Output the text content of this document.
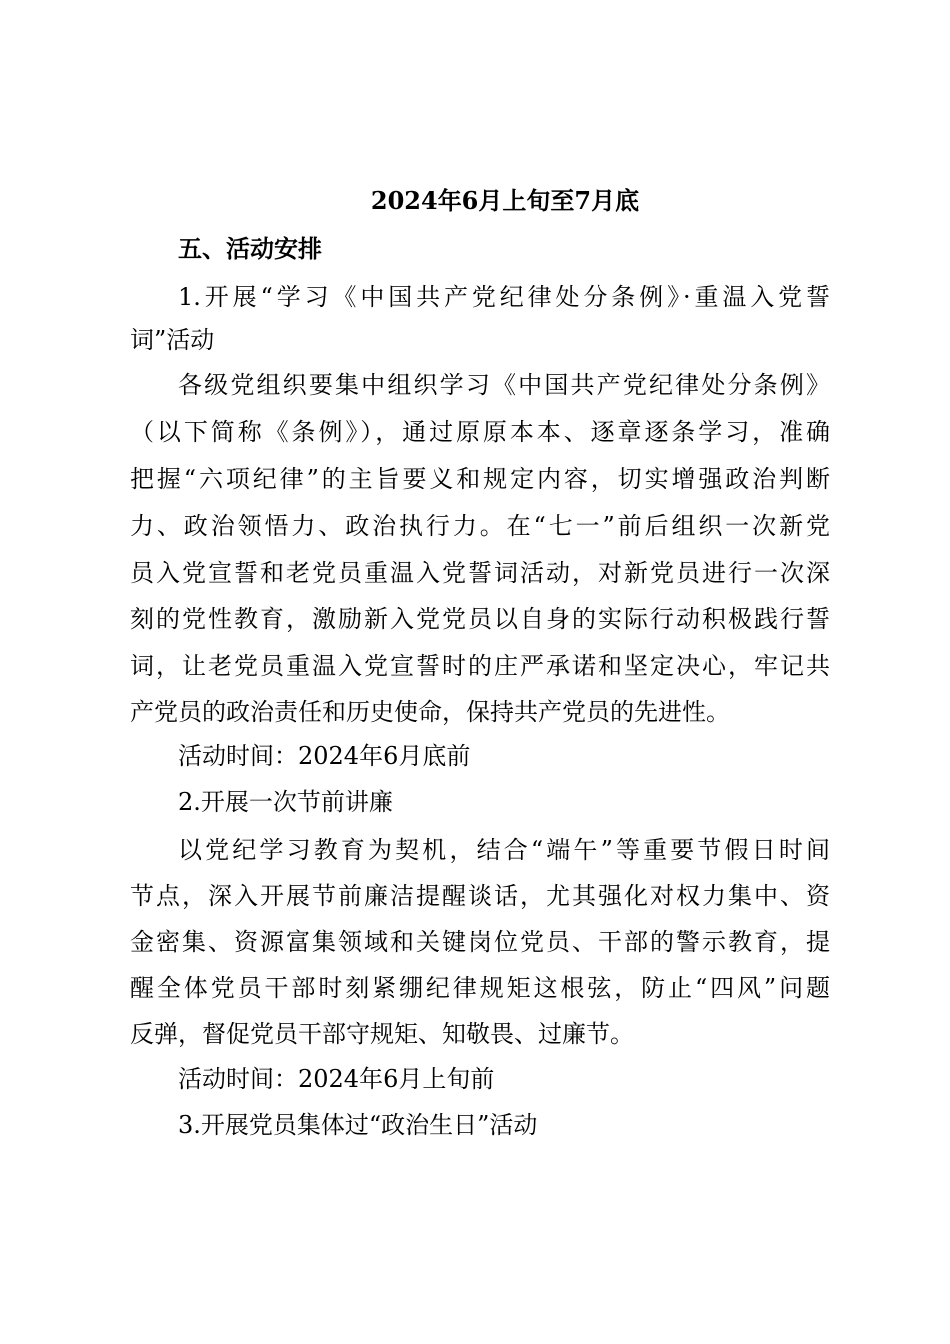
2024年6月上旬至7月底
五、活动安排
1.开展“学习《中国共产党纪律处分条例》·重温入党誓
词”活动
各级党组织要集中组织学习《中国共产党纪律处分条例》
（以下简称《条例》），通过原原本本、逐章逐条学习，准确
把握“六项纪律”的主旨要义和规定内容，切实增强政治判断
力、政治领悟力、政治执行力。在“七一”前后组织一次新党
员入党宣誓和老党员重温入党誓词活动，对新党员进行一次深
刻的党性教育，激励新入党党员以自身的实际行动积极践行誓
词，让老党员重温入党宣誓时的庄严承诺和坚定决心，牢记共
产党员的政治责任和历史使命，保持共产党员的先进性。
活动时间：2024年6月底前
2.开展一次节前讲廉
以党纪学习教育为契机，结合“端午”等重要节假日时间
节点，深入开展节前廉洁提醒谈话，尤其强化对权力集中、资
金密集、资源富集领域和关键岗位党员、干部的警示教育，提
醒全体党员干部时刻紧绷纪律规矩这根弦，防止“四风”问题
反弹，督促党员干部守规矩、知敬畏、过廉节。
活动时间：2024年6月上旬前
3.开展党员集体过“政治生日”活动
